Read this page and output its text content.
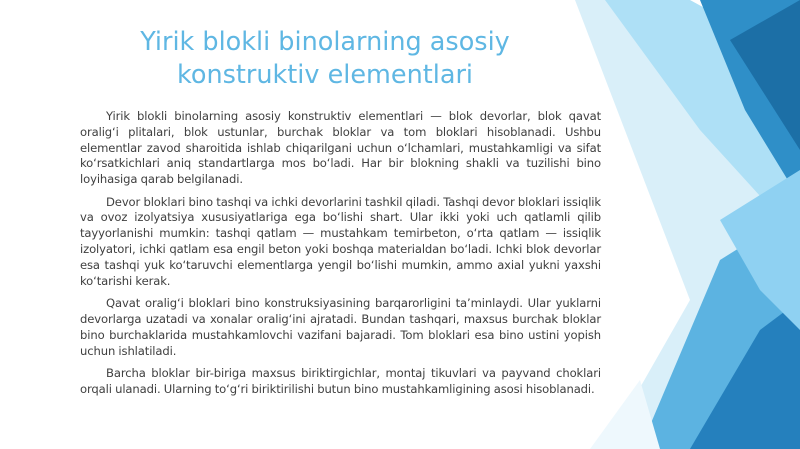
Yirik blokli binolarning asosiy
konstruktiv elementlari

Yirik blokli binolarning asosiy konstruktiv elementlari — blok devorlar, blok qavat oralig‘i plitalari, blok ustunlar, burchak bloklar va tom bloklari hisoblanadi. Ushbu elementlar zavod sharoitida ishlab chiqarilgani uchun o‘lchamlari, mustahkamligi va sifat ko‘rsatkichlari aniq standartlarga mos bo‘ladi. Har bir blokning shakli va tuzilishi bino loyihasiga qarab belgilanadi.

Devor bloklari bino tashqi va ichki devorlarini tashkil qiladi. Tashqi devor bloklari issiqlik va ovoz izolyatsiya xususiyatlariga ega bo‘lishi shart. Ular ikki yoki uch qatlamli qilib tayyorlanishi mumkin: tashqi qatlam — mustahkam temirbeton, o‘rta qatlam — issiqlik izolyatori, ichki qatlam esa engil beton yoki boshqa materialdan bo‘ladi. Ichki blok devorlar esa tashqi yuk ko‘taruvchi elementlarga yengil bo‘lishi mumkin, ammo axial yukni yaxshi ko‘tarishi kerak.

Qavat oralig‘i bloklari bino konstruksiyasining barqarorligini ta’minlaydi. Ular yuklarni devorlarga uzatadi va xonalar oralig‘ini ajratadi. Bundan tashqari, maxsus burchak bloklar bino burchaklarida mustahkamlovchi vazifani bajaradi. Tom bloklari esa bino ustini yopish uchun ishlatiladi.

Barcha bloklar bir-biriga maxsus biriktirgichlar, montaj tikuvlari va payvand choklari orqali ulanadi. Ularning to‘g‘ri biriktirilishi butun bino mustahkamligining asosi hisoblanadi.
